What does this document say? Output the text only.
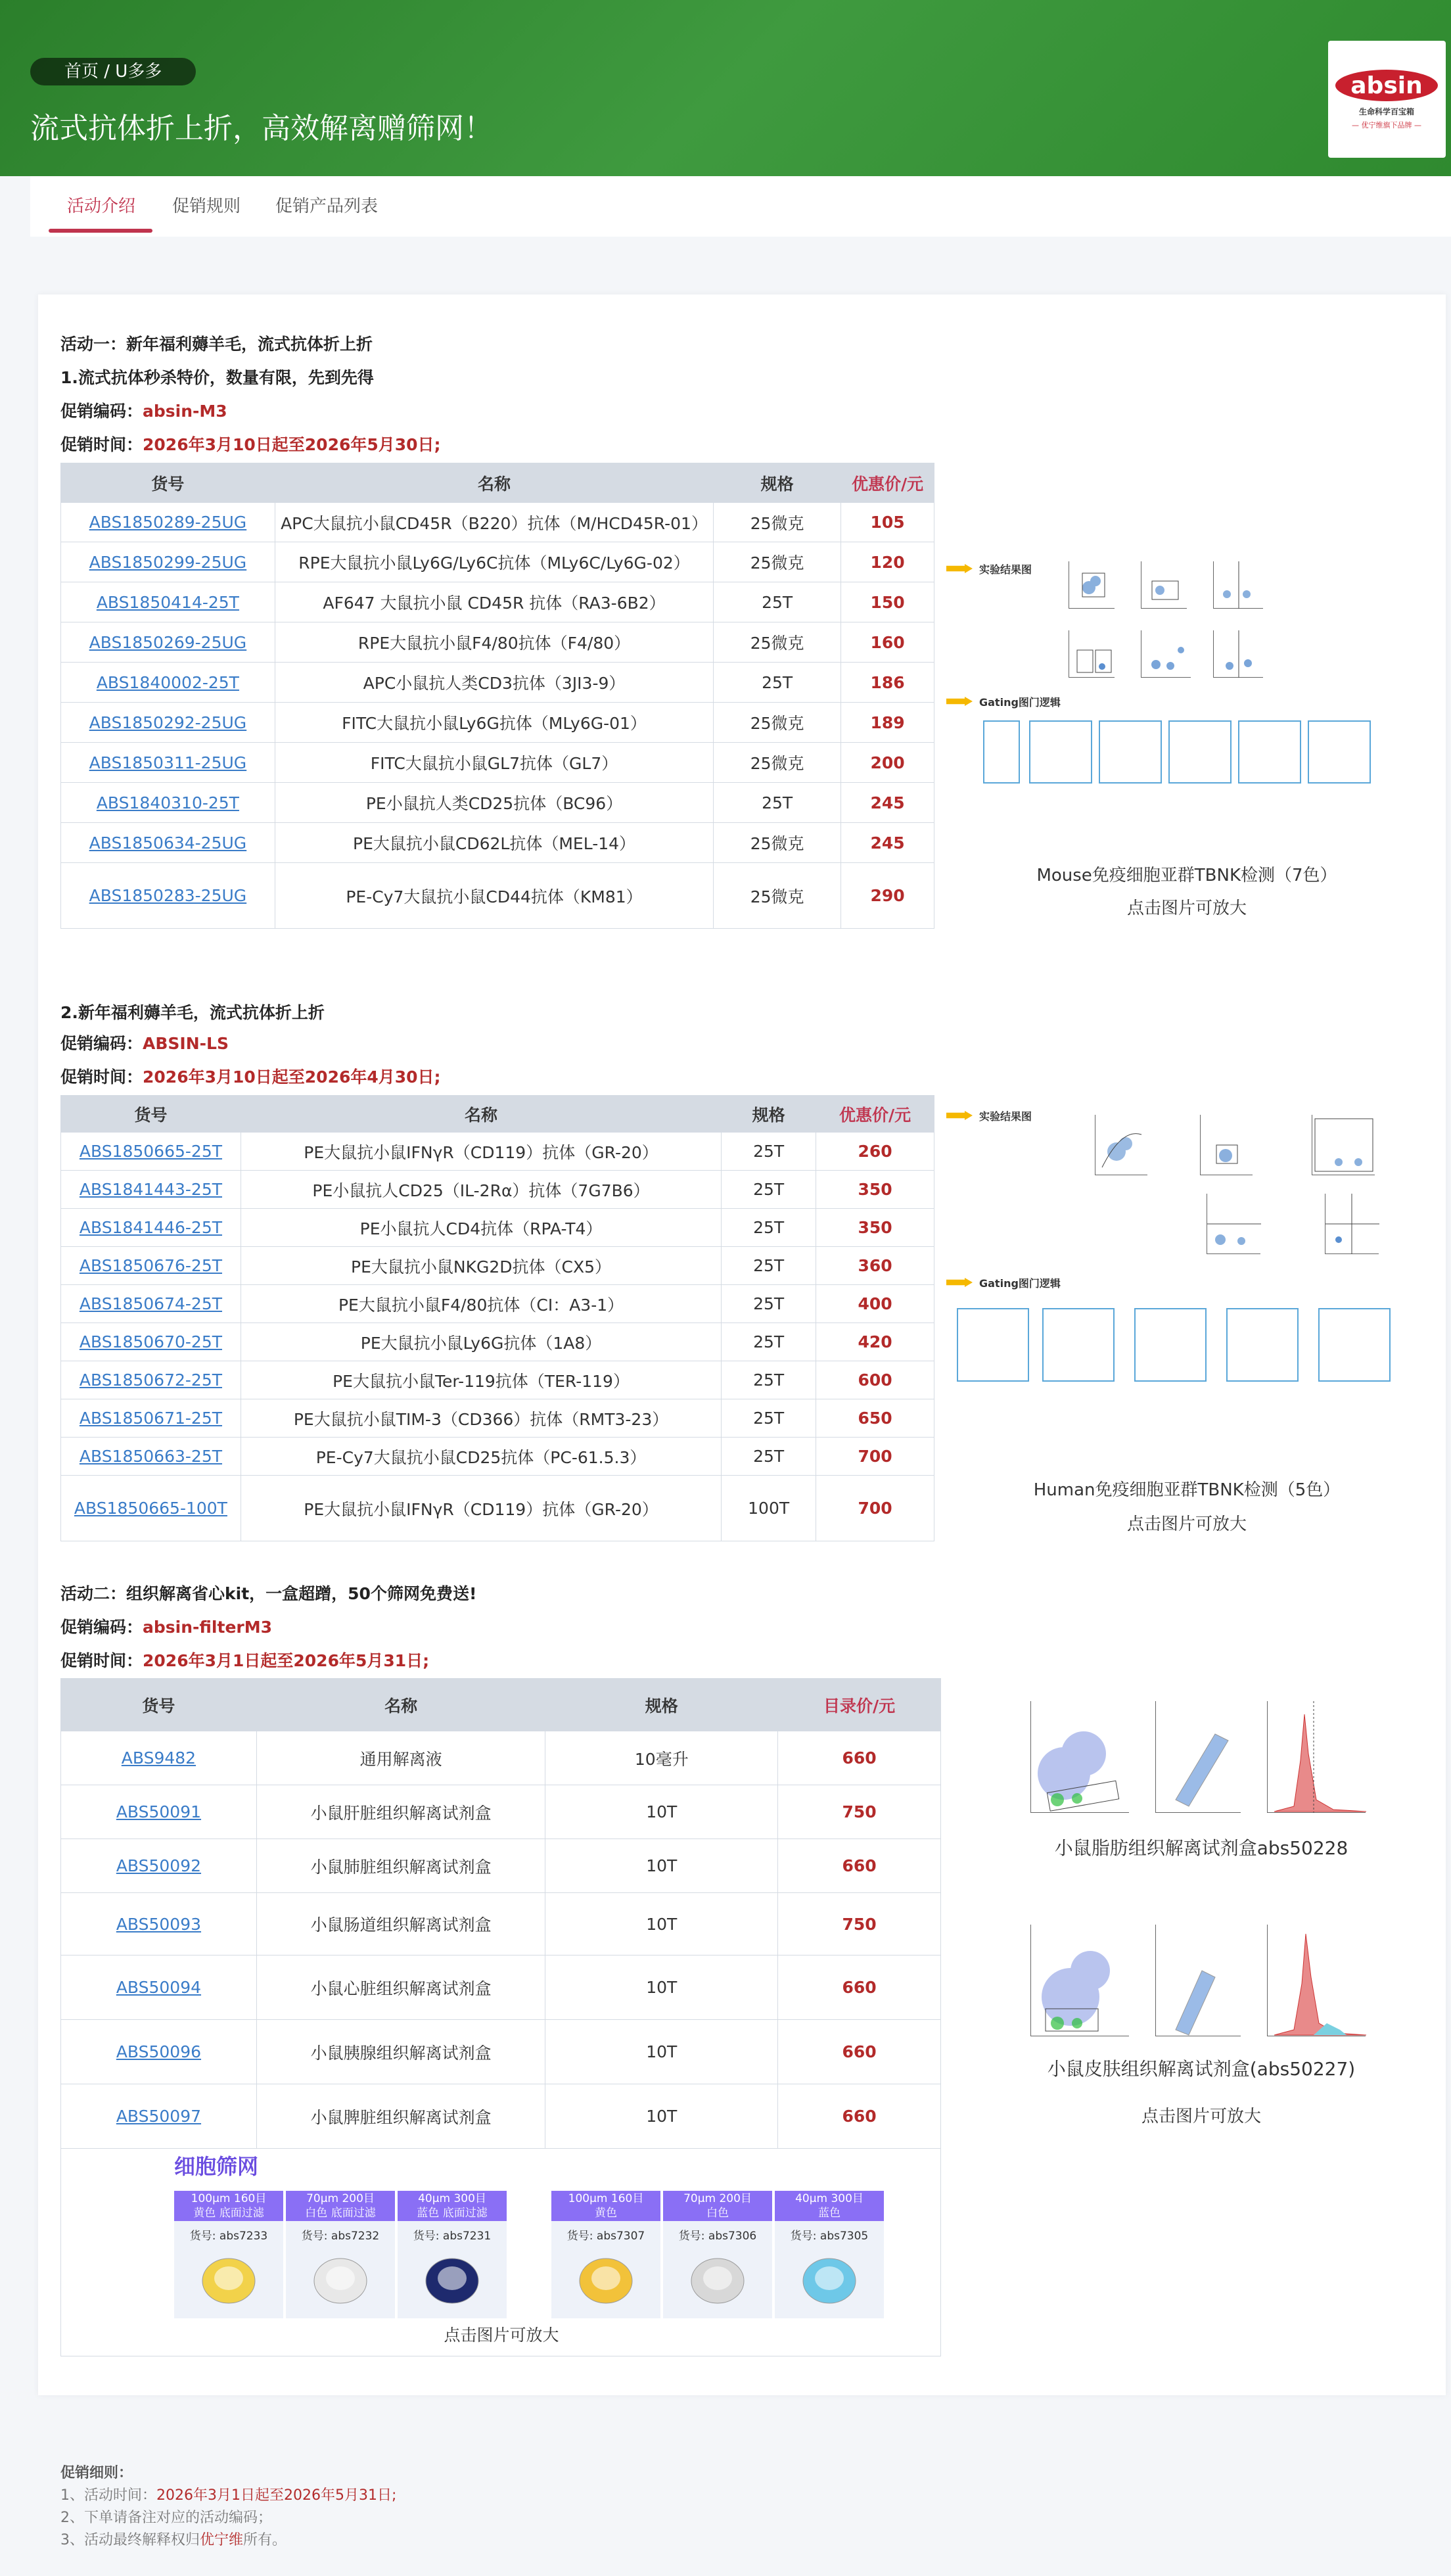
首页 / U多多
流式抗体折上折，高效解离赠筛网！
absin
生命科学百宝箱
— 优宁维旗下品牌 —
活动介绍 促销规则 促销产品列表
活动一：新年福利薅羊毛，流式抗体折上折
1.流式抗体秒杀特价，数量有限，先到先得
促销编码：absin-M3
促销时间：2026年3月10日起至2026年5月30日;
货号	名称	规格	优惠价/元
ABS1850289-25UG	APC大鼠抗小鼠CD45R（B220）抗体（M/HCD45R-01）	25微克	105
ABS1850299-25UG	RPE大鼠抗小鼠Ly6G/Ly6C抗体（MLy6C/Ly6G-02）	25微克	120
ABS1850414-25T	AF647 大鼠抗小鼠 CD45R 抗体（RA3-6B2）	25T	150
ABS1850269-25UG	RPE大鼠抗小鼠F4/80抗体（F4/80）	25微克	160
ABS1840002-25T	APC小鼠抗人类CD3抗体（3JI3-9）	25T	186
ABS1850292-25UG	FITC大鼠抗小鼠Ly6G抗体（MLy6G-01）	25微克	189
ABS1850311-25UG	FITC大鼠抗小鼠GL7抗体（GL7）	25微克	200
ABS1840310-25T	PE小鼠抗人类CD25抗体（BC96）	25T	245
ABS1850634-25UG	PE大鼠抗小鼠CD62L抗体（MEL-14）	25微克	245
ABS1850283-25UG	PE-Cy7大鼠抗小鼠CD44抗体（KM81）	25微克	290
实验结果图
Gating图门逻辑
Mouse免疫细胞亚群TBNK检测（7色）
点击图片可放大
2.新年福利薅羊毛，流式抗体折上折
促销编码：ABSIN-LS
促销时间：2026年3月10日起至2026年4月30日;
货号	名称	规格	优惠价/元
ABS1850665-25T	PE大鼠抗小鼠IFNγR（CD119）抗体（GR-20）	25T	260
ABS1841443-25T	PE小鼠抗人CD25（IL-2Rα）抗体（7G7B6）	25T	350
ABS1841446-25T	PE小鼠抗人CD4抗体（RPA-T4）	25T	350
ABS1850676-25T	PE大鼠抗小鼠NKG2D抗体（CX5）	25T	360
ABS1850674-25T	PE大鼠抗小鼠F4/80抗体（CI：A3-1）	25T	400
ABS1850670-25T	PE大鼠抗小鼠Ly6G抗体（1A8）	25T	420
ABS1850672-25T	PE大鼠抗小鼠Ter-119抗体（TER-119）	25T	600
ABS1850671-25T	PE大鼠抗小鼠TIM-3（CD366）抗体（RMT3-23）	25T	650
ABS1850663-25T	PE-Cy7大鼠抗小鼠CD25抗体（PC-61.5.3）	25T	700
ABS1850665-100T	PE大鼠抗小鼠IFNγR（CD119）抗体（GR-20）	100T	700
实验结果图
Gating图门逻辑
Human免疫细胞亚群TBNK检测（5色）
点击图片可放大
活动二：组织解离省心kit，一盒超蹭，50个筛网免费送!
促销编码：absin-filterM3
促销时间：2026年3月1日起至2026年5月31日;
货号	名称	规格	目录价/元
ABS9482	通用解离液	10毫升	660
ABS50091	小鼠肝脏组织解离试剂盒	10T	750
ABS50092	小鼠肺脏组织解离试剂盒	10T	660
ABS50093	小鼠肠道组织解离试剂盒	10T	750
ABS50094	小鼠心脏组织解离试剂盒	10T	660
ABS50096	小鼠胰腺组织解离试剂盒	10T	660
ABS50097	小鼠脾脏组织解离试剂盒	10T	660
细胞筛网
100μm 160目
黄色 底面过滤
货号: abs7233
70μm 200目
白色 底面过滤
货号: abs7232
40μm 300目
蓝色 底面过滤
货号: abs7231
100μm 160目
黄色
货号: abs7307
70μm 200目
白色
货号: abs7306
40μm 300目
蓝色
货号: abs7305
点击图片可放大
小鼠脂肪组织解离试剂盒abs50228
小鼠皮肤组织解离试剂盒(abs50227)
点击图片可放大

促销细则：

1、活动时间：2026年3月1日起至2026年5月31日;

2、下单请备注对应的活动编码；

3、活动最终解释权归优宁维所有。
